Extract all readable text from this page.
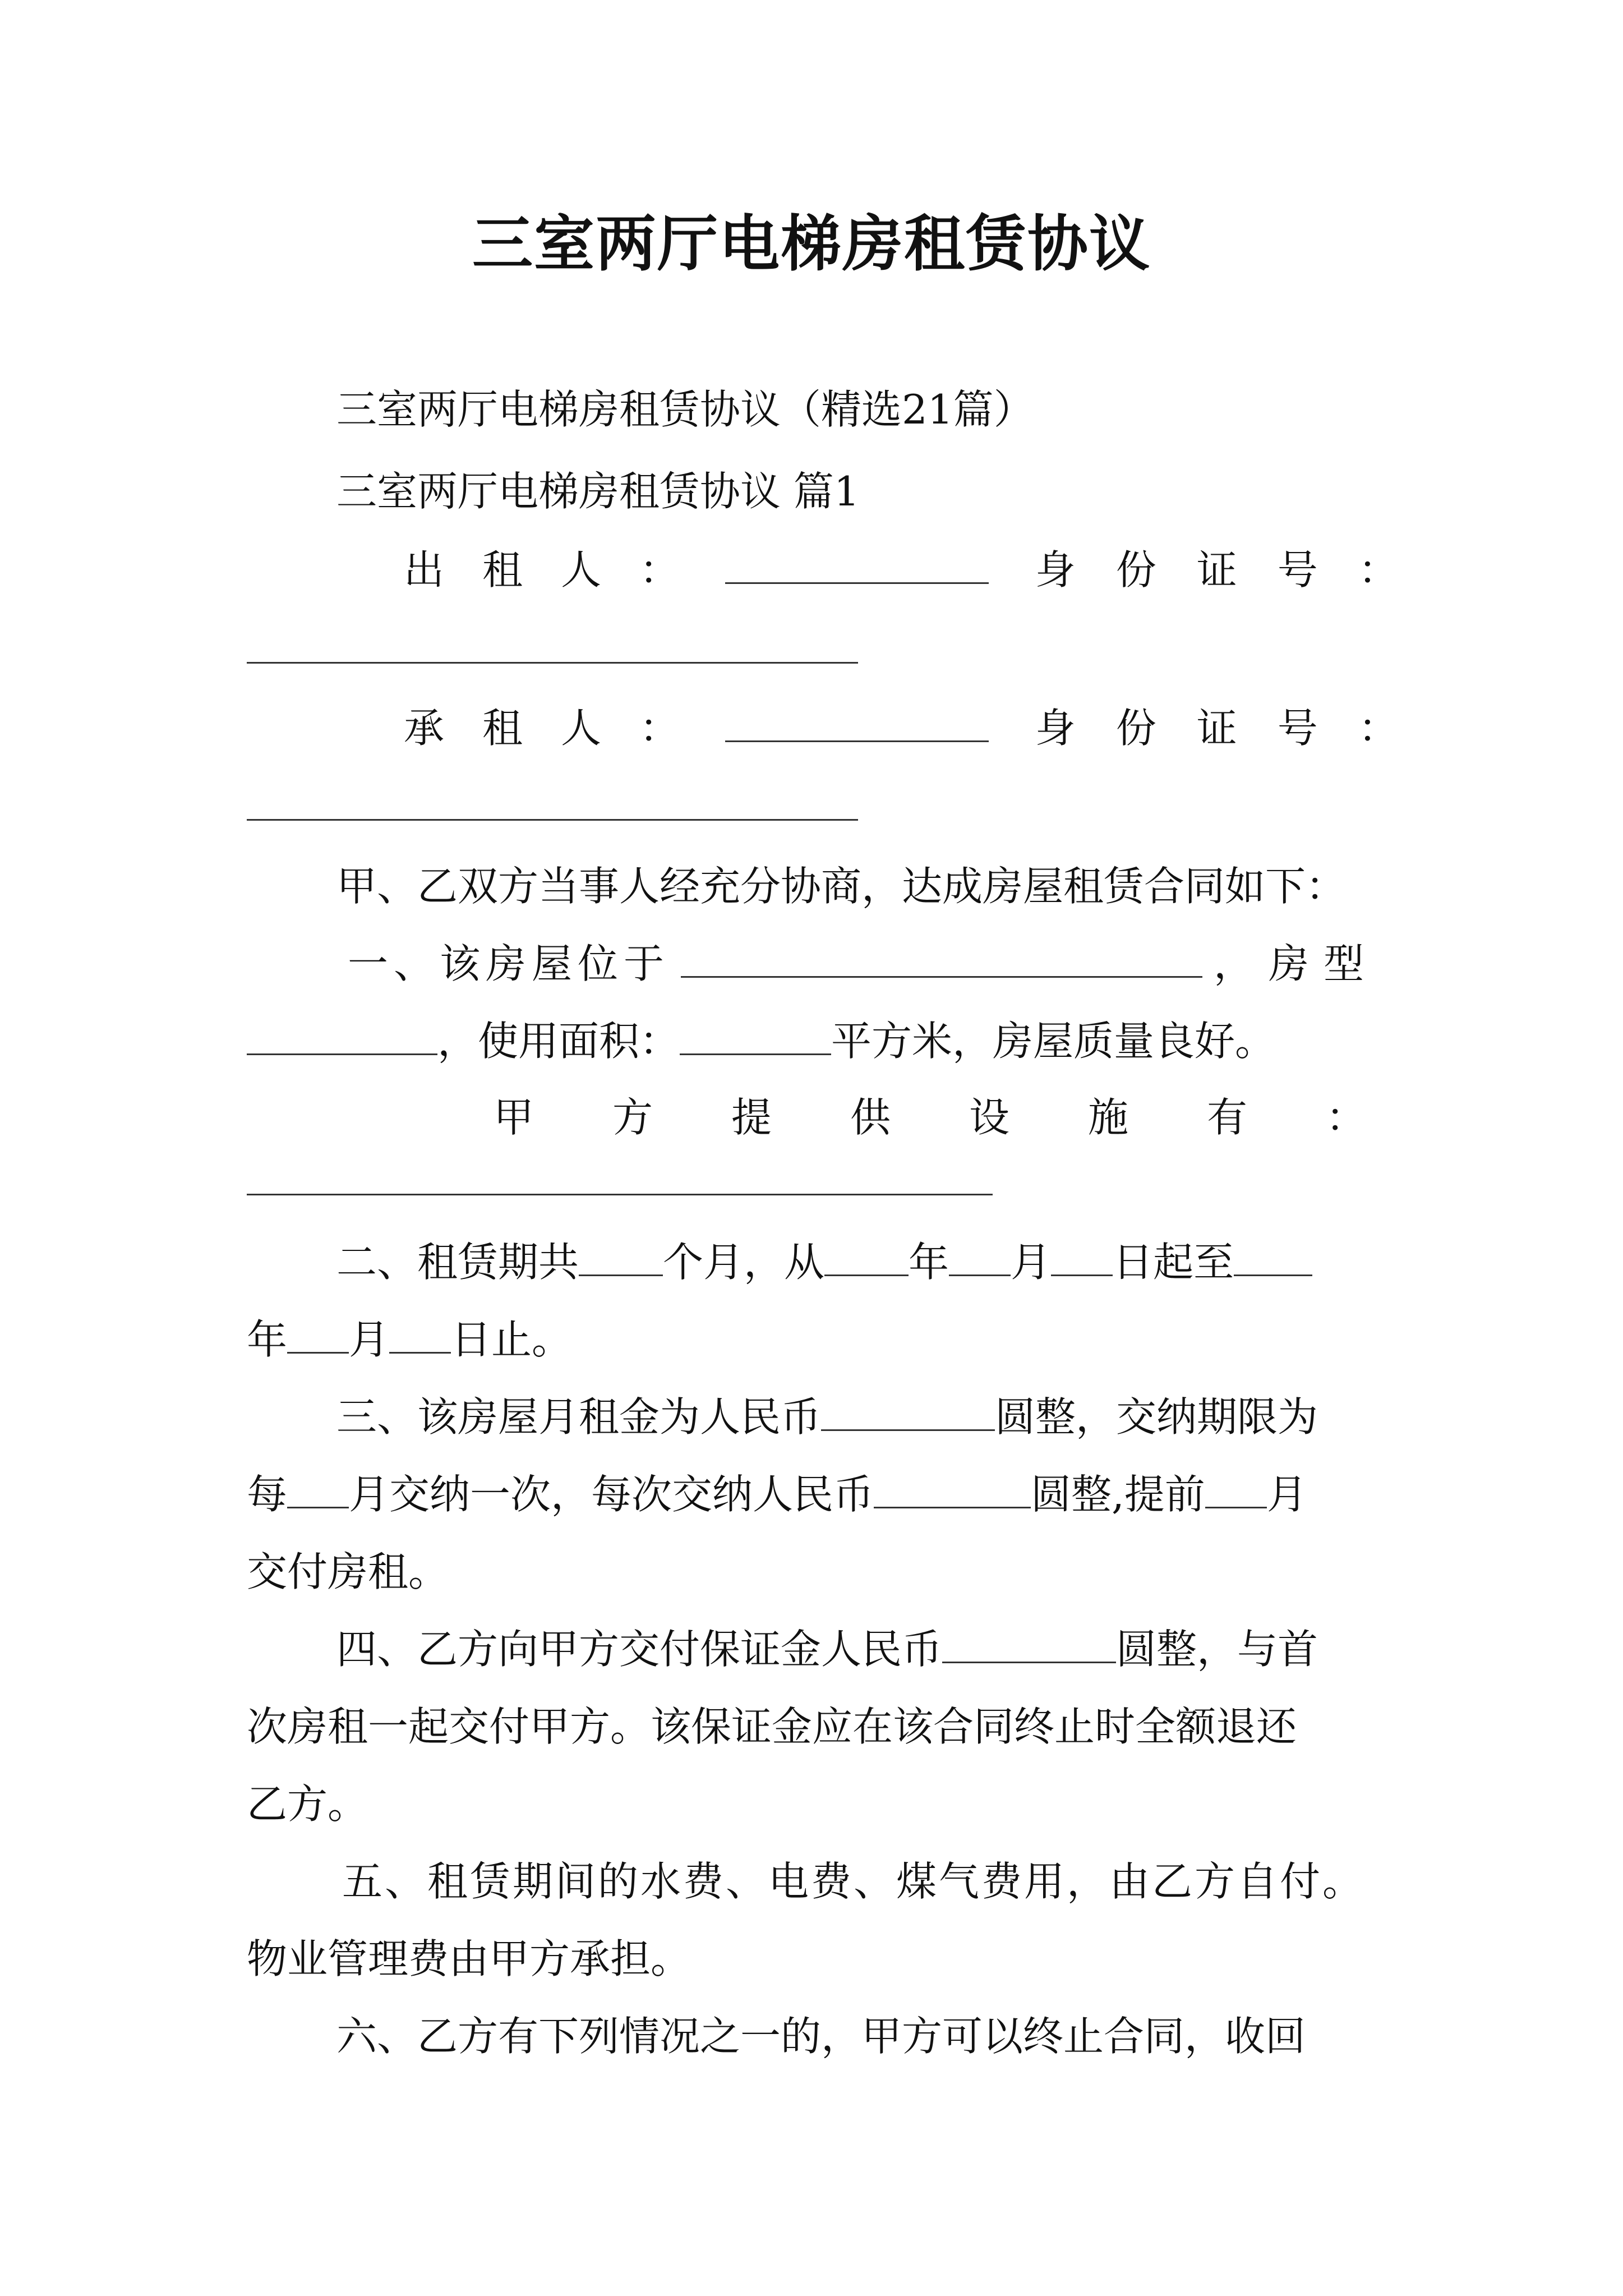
三室两厅电梯房租赁协议
三室两厅电梯房租赁协议（精选21篇）
三室两厅电梯房租赁协议 篇1
出租人：	身份证号：
承租人：	身份证号：
甲、乙双方当事人经充分协商，达成房屋租赁合同如下：
一、该房屋位于	，房型
，使用面积：	平方米，房屋质量良好。
甲方提供设施有：
二、租赁期共 个月，从 年 月 日起至
年 月 日止。
三、该房屋月租金为人民币	圆整，交纳期限为
每 月交纳一次，每次交纳人民币	圆整,提前 月
交付房租。
四、乙方向甲方交付保证金人民币	圆整，与首
次房租一起交付甲方。该保证金应在该合同终止时全额退还
乙方。
五、租赁期间的水费、电费、煤气费用，由乙方自付。
物业管理费由甲方承担。
六、乙方有下列情况之一的，甲方可以终止合同，收回
